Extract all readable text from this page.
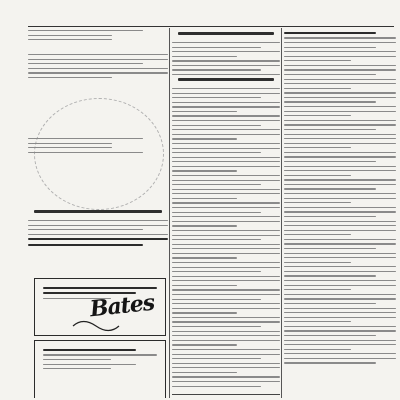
Bates
